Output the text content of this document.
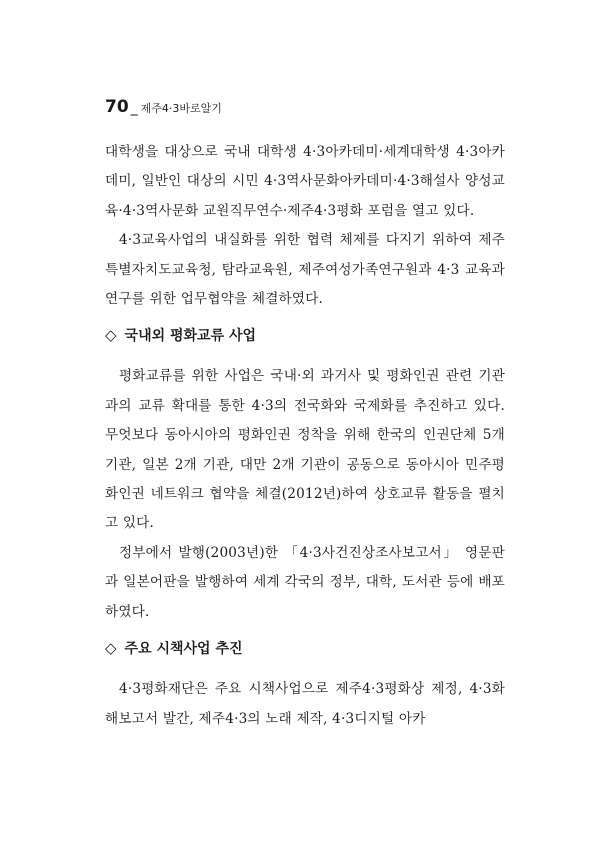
70 _ 제주4·3바로알기

대학생을 대상으로 국내 대학생 4·3아카데미·세계대학생 4·3아카데미, 일반인 대상의 시민 4·3역사문화아카데미·4·3해설사 양성교육·4·3역사문화 교원직무연수·제주4·3평화 포럼을 열고 있다.

4·3교육사업의 내실화를 위한 협력 체제를 다지기 위하여 제주특별자치도교육청, 탐라교육원, 제주여성가족연구원과 4·3 교육과 연구를 위한 업무협약을 체결하였다.

◇ 국내외 평화교류 사업

평화교류를 위한 사업은 국내·외 과거사 및 평화인권 관련 기관과의 교류 확대를 통한 4·3의 전국화와 국제화를 추진하고 있다. 무엇보다 동아시아의 평화인권 정착을 위해 한국의 인권단체 5개 기관, 일본 2개 기관, 대만 2개 기관이 공동으로 동아시아 민주평화인권 네트워크 협약을 체결(2012년)하여 상호교류 활동을 펼치고 있다.

정부에서 발행(2003년)한 「4·3사건진상조사보고서」 영문판과 일본어판을 발행하여 세계 각국의 정부, 대학, 도서관 등에 배포하였다.

◇ 주요 시책사업 추진

4·3평화재단은 주요 시책사업으로 제주4·3평화상 제정, 4·3화해보고서 발간, 제주4·3의 노래 제작, 4·3디지털 아카
